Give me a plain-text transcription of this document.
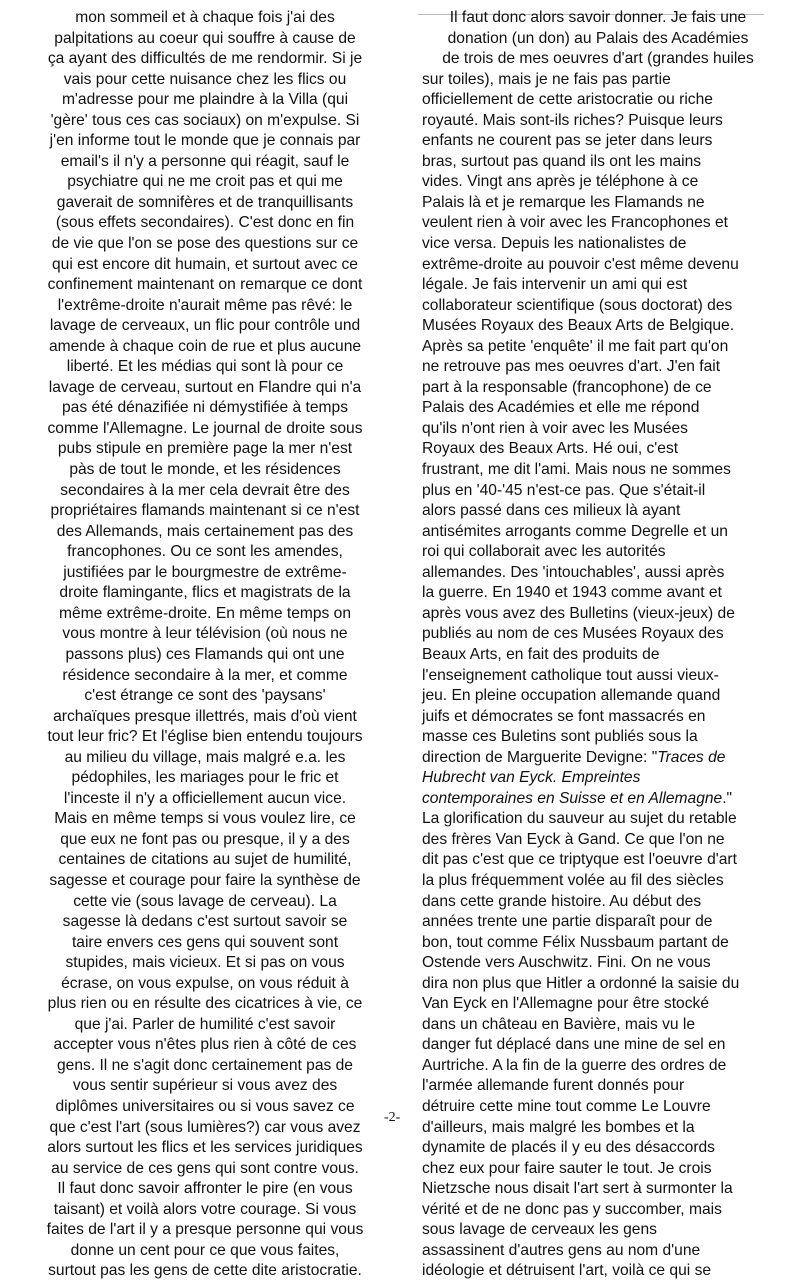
mon sommeil et à chaque fois j'ai des
palpitations au coeur qui souffre à cause de
ça ayant des difficultés de me rendormir. Si je
vais pour cette nuisance chez les flics ou
m'adresse pour me plaindre à la Villa (qui
'gère' tous ces cas sociaux) on m'expulse. Si
j'en informe tout le monde que je connais par
email's il n'y a personne qui réagit, sauf le
psychiatre qui ne me croit pas et qui me
gaverait de somnifères et de tranquillisants
(sous effets secondaires). C'est donc en fin
de vie que l'on se pose des questions sur ce
qui est encore dit humain, et surtout avec ce
confinement maintenant on remarque ce dont
l'extrême-droite n'aurait même pas rêvé: le
lavage de cerveaux, un flic pour contrôle und
amende à chaque coin de rue et plus aucune
liberté. Et les médias qui sont là pour ce
lavage de cerveau, surtout en Flandre qui n'a
pas été dénazifiée ni démystifiée à temps
comme l'Allemagne. Le journal de droite sous
pubs stipule en première page la mer n'est
pàs de tout le monde, et les résidences
secondaires à la mer cela devrait être des
propriétaires flamands maintenant si ce n'est
des Allemands, mais certainement pas des
francophones. Ou ce sont les amendes,
justifiées par le bourgmestre de extrême-
droite flamingante, flics et magistrats de la
même extrême-droite. En même temps on
vous montre à leur télévision (où nous ne
passons plus) ces Flamands qui ont une
résidence secondaire à la mer, et comme
c'est étrange ce sont des 'paysans'
archaïques presque illettrés, mais d'où vient
tout leur fric? Et l'église bien entendu toujours
au milieu du village, mais malgré e.a. les
pédophiles, les mariages pour le fric et
l'inceste il n'y a officiellement aucun vice.
Mais en même temps si vous voulez lire, ce
que eux ne font pas ou presque, il y a des
centaines de citations au sujet de humilité,
sagesse et courage pour faire la synthèse de
cette vie (sous lavage de cerveau). La
sagesse là dedans c'est surtout savoir se
taire envers ces gens qui souvent sont
stupides, mais vicieux. Et si pas on vous
écrase, on vous expulse, on vous réduit à
plus rien ou en résulte des cicatrices à vie, ce
que j'ai. Parler de humilité c'est savoir
accepter vous n'êtes plus rien à côté de ces
gens. Il ne s'agit donc certainement pas de
vous sentir supérieur si vous avez des
diplômes universitaires ou si vous savez ce
que c'est l'art (sous lumières?) car vous avez
alors surtout les flics et les services juridiques
au service de ces gens qui sont contre vous.
Il faut donc savoir affronter le pire (en vous
taisant) et voilà alors votre courage. Si vous
faites de l'art il y a presque personne qui vous
donne un cent pour ce que vous faites,
surtout pas les gens de cette dite aristocratie.
Il faut donc alors savoir donner. Je fais une
donation (un don) au Palais des Académies
de trois de mes oeuvres d'art (grandes huiles
sur toiles), mais je ne fais pas partie
officiellement de cette aristocratie ou riche
royauté. Mais sont-ils riches? Puisque leurs
enfants ne courent pas se jeter dans leurs
bras, surtout pas quand ils ont les mains
vides. Vingt ans après je téléphone à ce
Palais là et je remarque les Flamands ne
veulent rien à voir avec les Francophones et
vice versa. Depuis les nationalistes de
extrême-droite au pouvoir c'est même devenu
légale. Je fais intervenir un ami qui est
collaborateur scientifique (sous doctorat) des
Musées Royaux des Beaux Arts de Belgique.
Après sa petite 'enquête' il me fait part qu'on
ne retrouve pas mes oeuvres d'art. J'en fait
part à la responsable (francophone) de ce
Palais des Académies et elle me répond
qu'ils n'ont rien à voir avec les Musées
Royaux des Beaux Arts. Hé oui, c'est
frustrant, me dit l'ami. Mais nous ne sommes
plus en '40-'45 n'est-ce pas. Que s'était-il
alors passé dans ces milieux là ayant
antisémites arrogants comme Degrelle et un
roi qui collaborait avec les autorités
allemandes. Des 'intouchables', aussi après
la guerre. En 1940 et 1943 comme avant et
après vous avez des Bulletins (vieux-jeux) de
publiés au nom de ces Musées Royaux des
Beaux Arts, en fait des produits de
l'enseignement catholique tout aussi vieux-
jeu. En pleine occupation allemande quand
juifs et démocrates se font massacrés en
masse ces Buletins sont publiés sous la
direction de Marguerite Devigne: "Traces de
Hubrecht van Eyck. Empreintes
contemporaines en Suisse et en Allemagne."
La glorification du sauveur au sujet du retable
des frères Van Eyck à Gand. Ce que l'on ne
dit pas c'est que ce triptyque est l'oeuvre d'art
la plus fréquemment volée au fil des siècles
dans cette grande histoire. Au début des
années trente une partie disparaît pour de
bon, tout comme Félix Nussbaum partant de
Ostende vers Auschwitz. Fini. On ne vous
dira non plus que Hitler a ordonné la saisie du
Van Eyck en l'Allemagne pour être stocké
dans un château en Bavière, mais vu le
danger fut déplacé dans une mine de sel en
Aurtriche. A la fin de la guerre des ordres de
l'armée allemande furent donnés pour
détruire cette mine tout comme Le Louvre
d'ailleurs, mais malgré les bombes et la
dynamite de placés il y eu des désaccords
chez eux pour faire sauter le tout. Je crois
Nietzsche nous disait l'art sert à surmonter la
vérité et de ne donc pas y succomber, mais
sous lavage de cerveaux les gens
assassinent d'autres gens au nom d'une
idéologie et détruisent l'art, voilà ce qui se
-2-
